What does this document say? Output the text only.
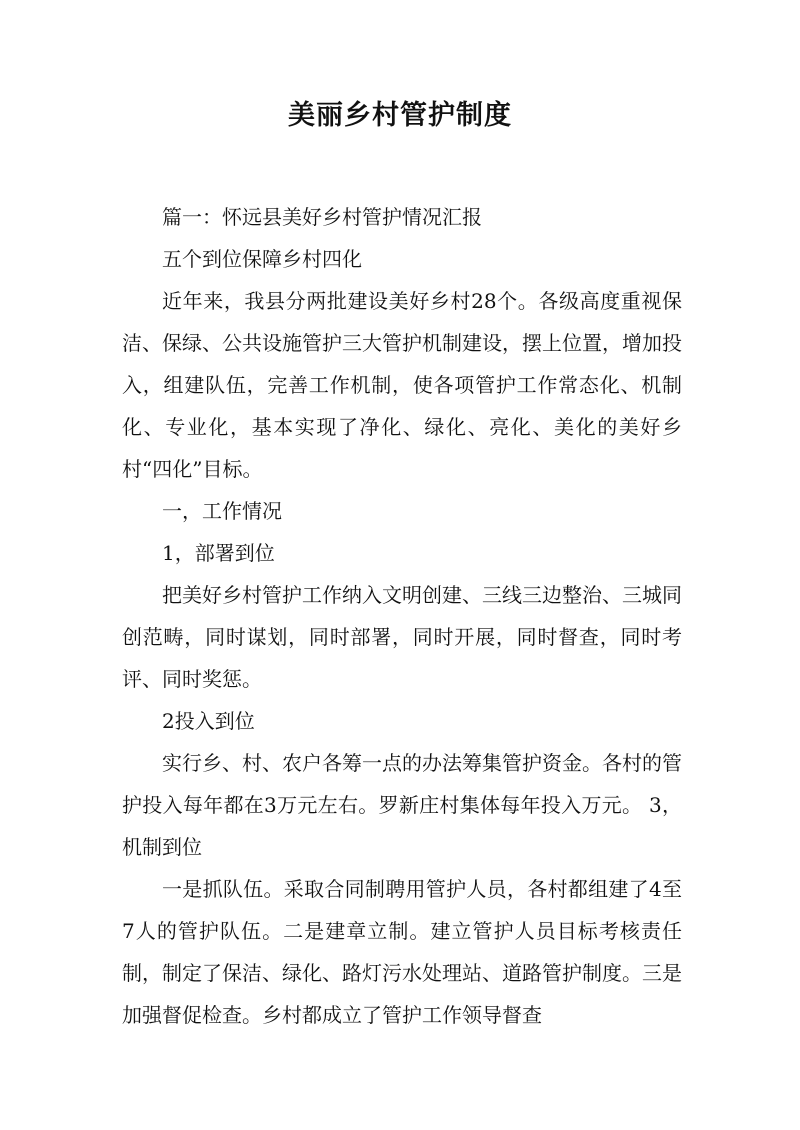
美丽乡村管护制度

篇一：怀远县美好乡村管护情况汇报

五个到位保障乡村四化

近年来，我县分两批建设美好乡村28个。各级高度重视保洁、保绿、公共设施管护三大管护机制建设，摆上位置，增加投入，组建队伍，完善工作机制，使各项管护工作常态化、机制化、专业化，基本实现了净化、绿化、亮化、美化的美好乡村“四化”目标。

一，工作情况

1，部署到位

把美好乡村管护工作纳入文明创建、三线三边整治、三城同创范畴，同时谋划，同时部署，同时开展，同时督查，同时考评、同时奖惩。

2投入到位

实行乡、村、农户各筹一点的办法筹集管护资金。各村的管护投入每年都在3万元左右。罗新庄村集体每年投入万元。 3， 机制到位

一是抓队伍。采取合同制聘用管护人员，各村都组建了4至7人的管护队伍。二是建章立制。建立管护人员目标考核责任制，制定了保洁、绿化、路灯污水处理站、道路管护制度。三是加强督促检查。乡村都成立了管护工作领导督查
